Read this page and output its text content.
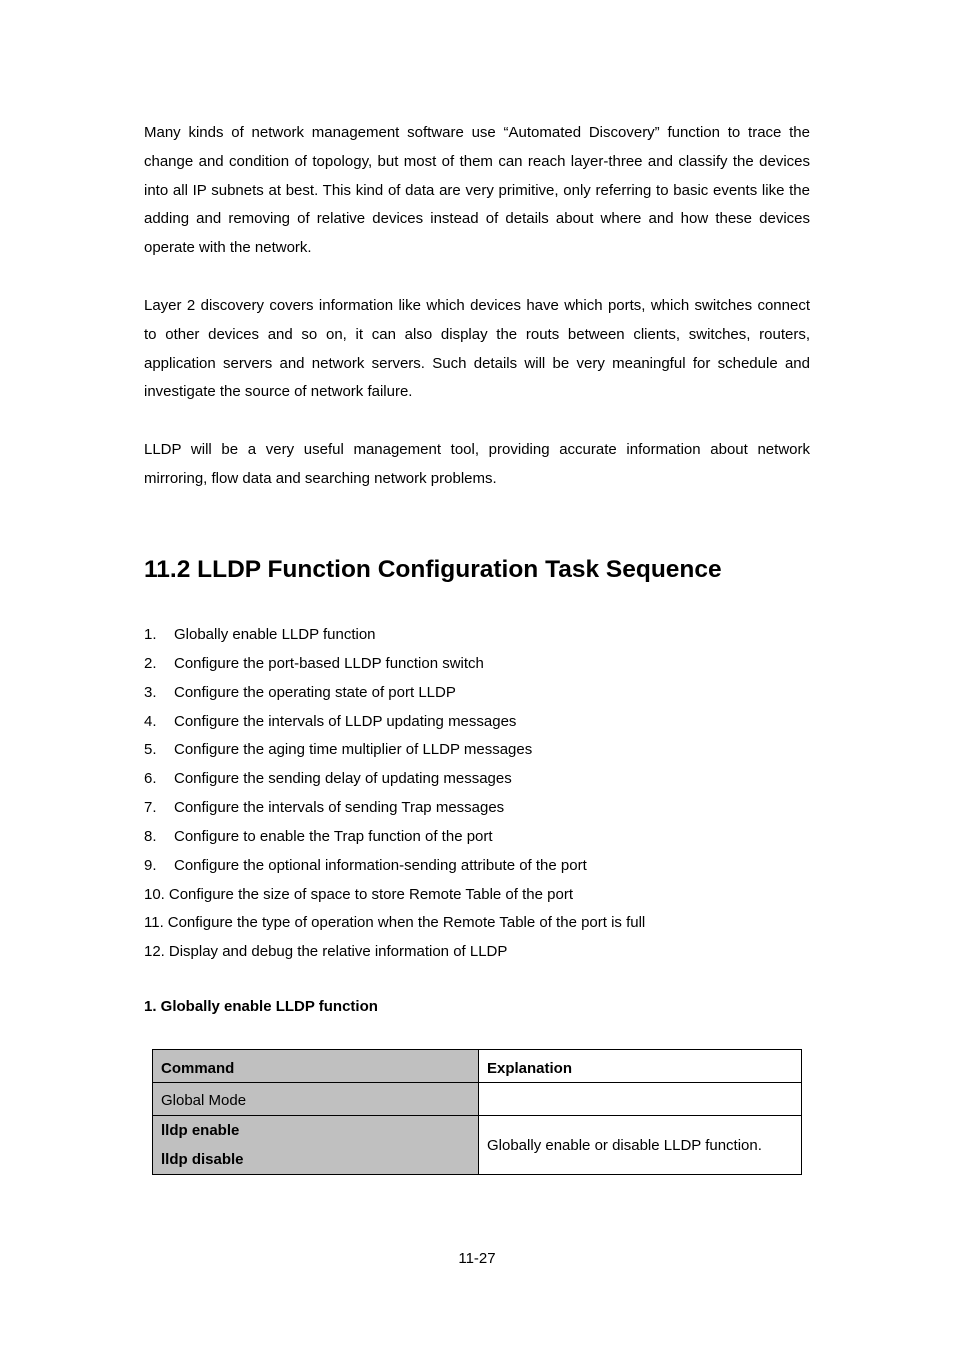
Many kinds of network management software use “Automated Discovery” function to trace the change and condition of topology, but most of them can reach layer-three and classify the devices into all IP subnets at best. This kind of data are very primitive, only referring to basic events like the adding and removing of relative devices instead of details about where and how these devices operate with the network.

Layer 2 discovery covers information like which devices have which ports, which switches connect to other devices and so on, it can also display the routs between clients, switches, routers, application servers and network servers. Such details will be very meaningful for schedule and investigate the source of network failure.

LLDP will be a very useful management tool, providing accurate information about network mirroring, flow data and searching network problems.

11.2 LLDP Function Configuration Task Sequence
1. Globally enable LLDP function
2. Configure the port-based LLDP function switch
3. Configure the operating state of port LLDP
4. Configure the intervals of LLDP updating messages
5. Configure the aging time multiplier of LLDP messages
6. Configure the sending delay of updating messages
7. Configure the intervals of sending Trap messages
8. Configure to enable the Trap function of the port
9. Configure the optional information-sending attribute of the port
10. Configure the size of space to store Remote Table of the port
11. Configure the type of operation when the Remote Table of the port is full
12. Display and debug the relative information of LLDP
1. Globally enable LLDP function
Command	Explanation
Global Mode	

lldp enable
lldp disable	Globally enable or disable LLDP function.
11-27
